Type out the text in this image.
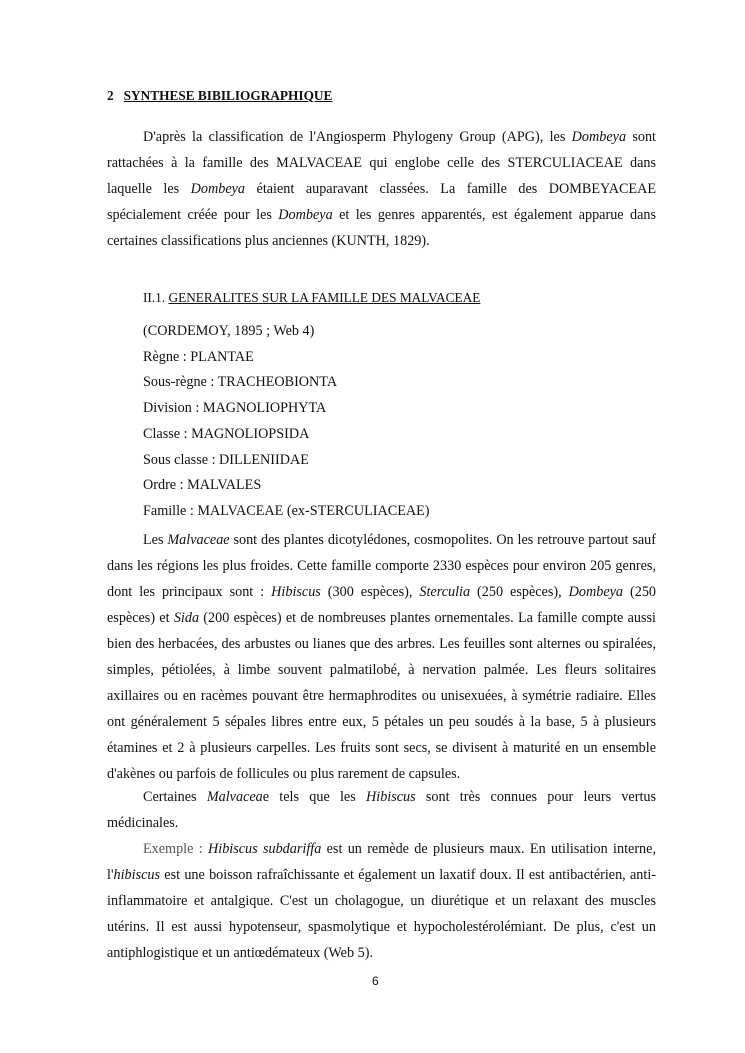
2 SYNTHESE BIBILIOGRAPHIQUE

D'après la classification de l'Angiosperm Phylogeny Group (APG), les Dombeya sont rattachées à la famille des MALVACEAE qui englobe celle des STERCULIACEAE dans laquelle les Dombeya étaient auparavant classées. La famille des DOMBEYACEAE spécialement créée pour les Dombeya et les genres apparentés, est également apparue dans certaines classifications plus anciennes (KUNTH, 1829).

II.1. GENERALITES SUR LA FAMILLE DES MALVACEAE
(CORDEMOY, 1895 ; Web 4)
Règne : PLANTAE
Sous-règne : TRACHEOBIONTA
Division : MAGNOLIOPHYTA
Classe : MAGNOLIOPSIDA
Sous classe : DILLENIIDAE
Ordre : MALVALES
Famille : MALVACEAE (ex-STERCULIACEAE)

Les Malvaceae sont des plantes dicotylédones, cosmopolites. On les retrouve partout sauf dans les régions les plus froides. Cette famille comporte 2330 espèces pour environ 205 genres, dont les principaux sont : Hibiscus (300 espèces), Sterculia (250 espèces), Dombeya (250 espèces) et Sida (200 espèces) et de nombreuses plantes ornementales. La famille compte aussi bien des herbacées, des arbustes ou lianes que des arbres. Les feuilles sont alternes ou spiralées, simples, pétiolées, à limbe souvent palmatilobé, à nervation palmée. Les fleurs solitaires axillaires ou en racèmes pouvant être hermaphrodites ou unisexuées, à symétrie radiaire. Elles ont généralement 5 sépales libres entre eux, 5 pétales un peu soudés à la base, 5 à plusieurs étamines et 2 à plusieurs carpelles. Les fruits sont secs, se divisent à maturité en un ensemble d'akènes ou parfois de follicules ou plus rarement de capsules.

Certaines Malvaceae tels que les Hibiscus sont très connues pour leurs vertus médicinales.

Exemple : Hibiscus subdariffa est un remède de plusieurs maux. En utilisation interne, l'hibiscus est une boisson rafraîchissante et également un laxatif doux. Il est antibactérien, anti-inflammatoire et antalgique. C'est un cholagogue, un diurétique et un relaxant des muscles utérins. Il est aussi hypotenseur, spasmolytique et hypocholestérolémiant. De plus, c'est un antiphlogistique et un antiœdémateux (Web 5).

6
